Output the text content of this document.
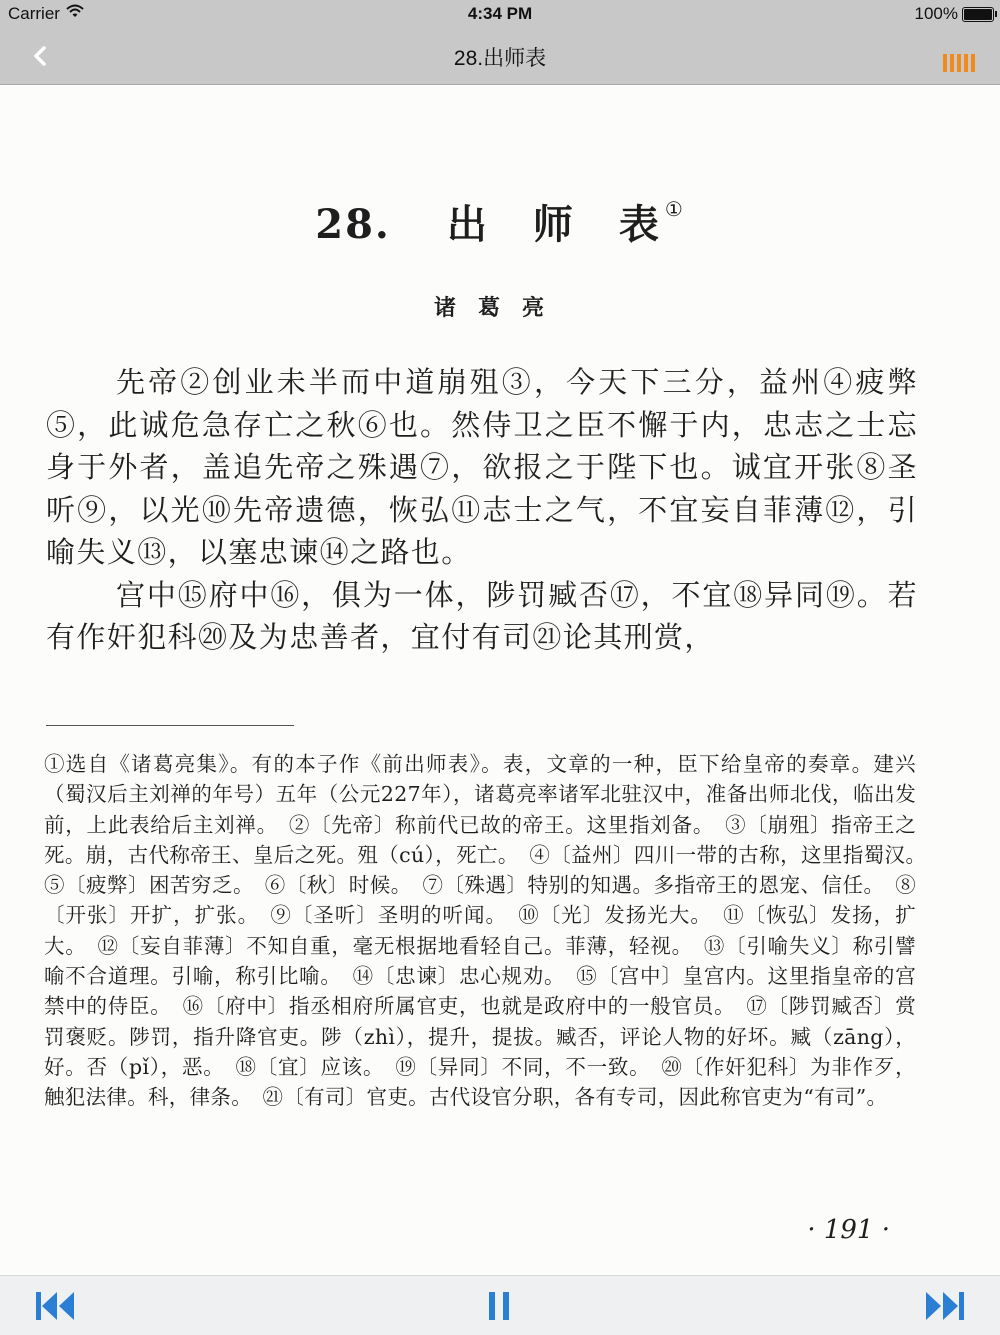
Carrier	4:34 PM	100%
28.出师表
28. 出 师 表 ①
诸葛亮

先帝②创业未半而中道崩殂③，今天下三分，益州④疲弊⑤，此诚危急存亡之秋⑥也。然侍卫之臣不懈于内，忠志之士忘身于外者，盖追先帝之殊遇⑦，欲报之于陛下也。诚宜开张⑧圣听⑨，以光⑩先帝遗德，恢弘⑪志士之气，不宜妄自菲薄⑫，引喻失义⑬，以塞忠谏⑭之路也。

宫中⑮府中⑯，俱为一体，陟罚臧否⑰，不宜⑱异同⑲。若有作奸犯科⑳及为忠善者，宜付有司㉑论其刑赏，

①选自《诸葛亮集》。有的本子作《前出师表》。表，文章的一种，臣下给皇帝的奏章。建兴（蜀汉后主刘禅的年号）五年（公元227年），诸葛亮率诸军北驻汉中，准备出师北伐，临出发前，上此表给后主刘禅。　②〔先帝〕称前代已故的帝王。这里指刘备。　③〔崩殂〕指帝王之死。崩，古代称帝王、皇后之死。殂（cú），死亡。　④〔益州〕四川一带的古称，这里指蜀汉。　⑤〔疲弊〕困苦穷乏。　⑥〔秋〕时候。　⑦〔殊遇〕特别的知遇。多指帝王的恩宠、信任。　⑧〔开张〕开扩，扩张。　⑨〔圣听〕圣明的听闻。　⑩〔光〕发扬光大。　⑪〔恢弘〕发扬，扩大。　⑫〔妄自菲薄〕不知自重，毫无根据地看轻自己。菲薄，轻视。　⑬〔引喻失义〕称引譬喻不合道理。引喻，称引比喻。　⑭〔忠谏〕忠心规劝。　⑮〔宫中〕皇宫内。这里指皇帝的宫禁中的侍臣。　⑯〔府中〕指丞相府所属官吏，也就是政府中的一般官员。　⑰〔陟罚臧否〕赏罚褒贬。陟罚，指升降官吏。陟（zhì），提升，提拔。臧否，评论人物的好坏。臧（zāng），好。否（pǐ），恶。　⑱〔宜〕应该。　⑲〔异同〕不同，不一致。　⑳〔作奸犯科〕为非作歹，触犯法律。科，律条。　㉑〔有司〕官吏。古代设官分职，各有专司，因此称官吏为“有司”。

· 191 ·
